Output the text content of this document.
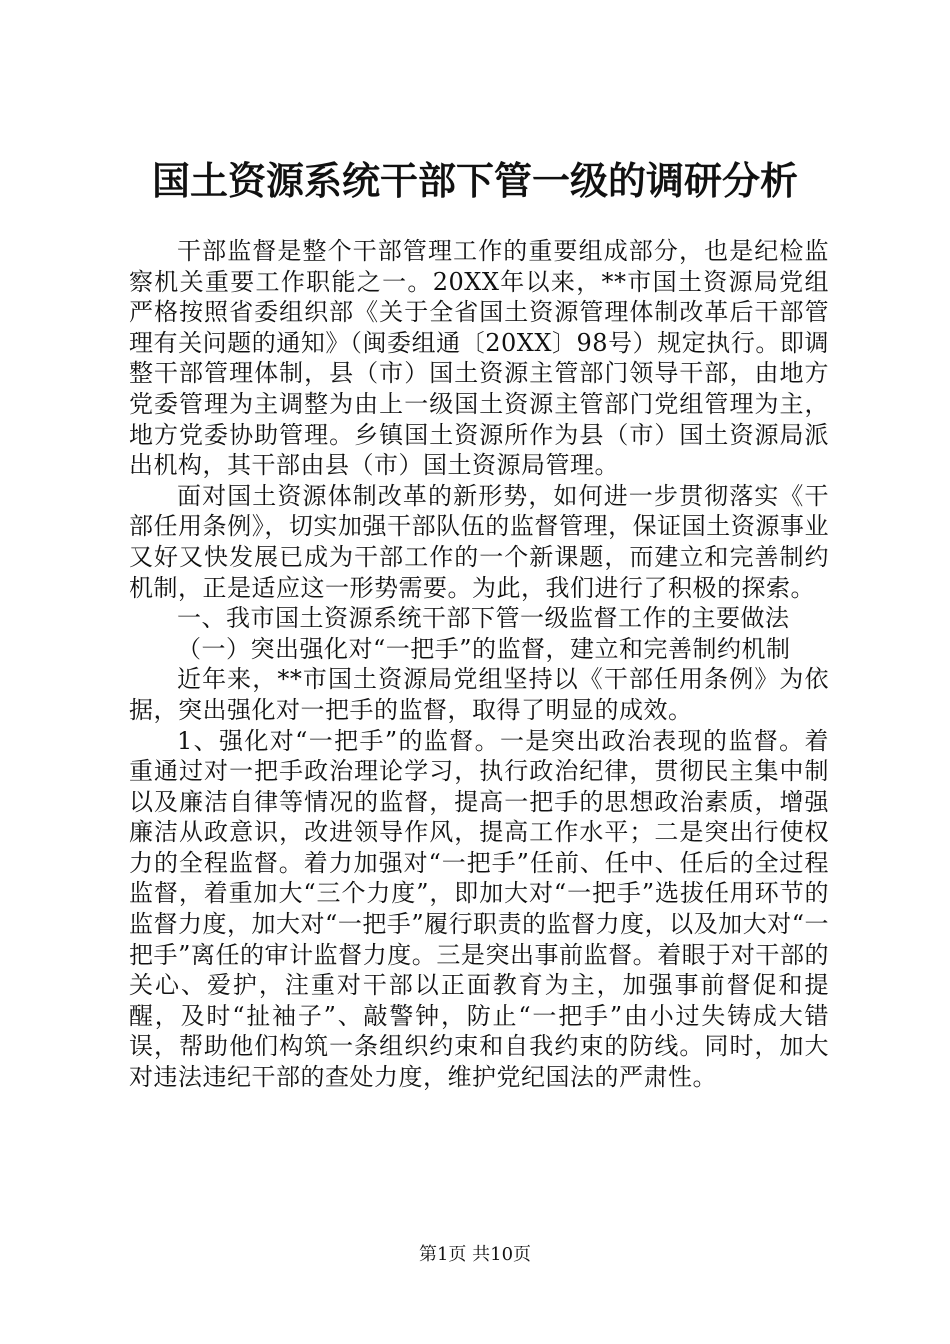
国土资源系统干部下管一级的调研分析

干部监督是整个干部管理工作的重要组成部分，也是纪检监察机关重要工作职能之一。20XX年以来，**市国土资源局党组严格按照省委组织部《关于全省国土资源管理体制改革后干部管理有关问题的通知》（闽委组通〔20XX〕98号）规定执行。即调整干部管理体制，县（市）国土资源主管部门领导干部，由地方党委管理为主调整为由上一级国土资源主管部门党组管理为主，地方党委协助管理。乡镇国土资源所作为县（市）国土资源局派出机构，其干部由县（市）国土资源局管理。

面对国土资源体制改革的新形势，如何进一步贯彻落实《干部任用条例》，切实加强干部队伍的监督管理，保证国土资源事业又好又快发展已成为干部工作的一个新课题，而建立和完善制约机制，正是适应这一形势需要。为此，我们进行了积极的探索。

一、我市国土资源系统干部下管一级监督工作的主要做法

（一）突出强化对“一把手”的监督，建立和完善制约机制

近年来，**市国土资源局党组坚持以《干部任用条例》为依据，突出强化对一把手的监督，取得了明显的成效。

1、强化对“一把手”的监督。一是突出政治表现的监督。着重通过对一把手政治理论学习，执行政治纪律，贯彻民主集中制以及廉洁自律等情况的监督，提高一把手的思想政治素质，增强廉洁从政意识，改进领导作风，提高工作水平；二是突出行使权力的全程监督。着力加强对“一把手”任前、任中、任后的全过程监督，着重加大“三个力度”，即加大对“一把手”选拔任用环节的监督力度，加大对“一把手”履行职责的监督力度，以及加大对“一把手”离任的审计监督力度。三是突出事前监督。着眼于对干部的关心、爱护，注重对干部以正面教育为主，加强事前督促和提醒，及时“扯袖子”、敲警钟，防止“一把手”由小过失铸成大错误，帮助他们构筑一条组织约束和自我约束的防线。同时，加大对违法违纪干部的查处力度，维护党纪国法的严肃性。

第1页 共10页
